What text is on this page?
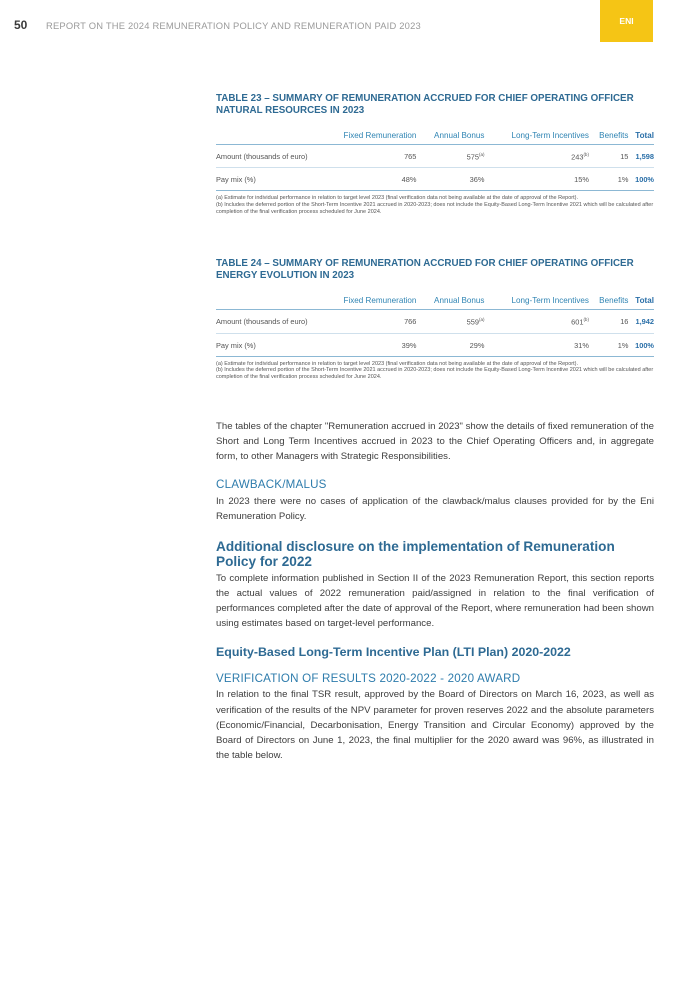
50 REPORT ON THE 2024 REMUNERATION POLICY AND REMUNERATION PAID 2023	ENI
TABLE 23 – SUMMARY OF REMUNERATION ACCRUED FOR CHIEF OPERATING OFFICER NATURAL RESOURCES IN 2023
	Fixed Remuneration	Annual Bonus	Long-Term Incentives	Benefits	Total
Amount (thousands of euro)	765	575$^{(a)}$	243$^{(b)}$	15	1,598
Pay mix (%)	48%	36%	15%	1%	100%
(a) Estimate for individual performance in relation to target level 2023 (final verification data not being available at the date of approval of the Report).
(b) Includes the deferred portion of the Short-Term Incentive 2021 accrued in 2020-2023; does not include the Equity-Based Long-Term Incentive 2021 which will be calculated after completion of the final verification process scheduled for June 2024.
TABLE 24 – SUMMARY OF REMUNERATION ACCRUED FOR CHIEF OPERATING OFFICER ENERGY EVOLUTION IN 2023
	Fixed Remuneration	Annual Bonus	Long-Term Incentives	Benefits	Total
Amount (thousands of euro)	766	559$^{(a)}$	601$^{(b)}$	16	1,942
Pay mix (%)	39%	29%	31%	1%	100%
(a) Estimate for individual performance in relation to target level 2023 (final verification data not being available at the date of approval of the Report).
(b) Includes the deferred portion of the Short-Term Incentive 2021 accrued in 2020-2023; does not include the Equity-Based Long-Term Incentive 2021 which will be calculated after completion of the final verification process scheduled for June 2024.

The tables of the chapter "Remuneration accrued in 2023" show the details of fixed remuneration of the Short and Long Term Incentives accrued in 2023 to the Chief Operating Officers and, in aggregate form, to other Managers with Strategic Responsibilities.

CLAWBACK/MALUS

In 2023 there were no cases of application of the clawback/malus clauses provided for by the Eni Remuneration Policy.

Additional disclosure on the implementation of Remuneration Policy for 2022

To complete information published in Section II of the 2023 Remuneration Report, this section reports the actual values of 2022 remuneration paid/assigned in relation to the final verification of performances completed after the date of approval of the Report, where remuneration had been shown using estimates based on target-level performance.

Equity-Based Long-Term Incentive Plan (LTI Plan) 2020-2022
VERIFICATION OF RESULTS 2020-2022 - 2020 AWARD

In relation to the final TSR result, approved by the Board of Directors on March 16, 2023, as well as verification of the results of the NPV parameter for proven reserves 2022 and the absolute parameters (Economic/Financial, Decarbonisation, Energy Transition and Circular Economy) approved by the Board of Directors on June 1, 2023, the final multiplier for the 2020 award was 96%, as illustrated in the table below.
